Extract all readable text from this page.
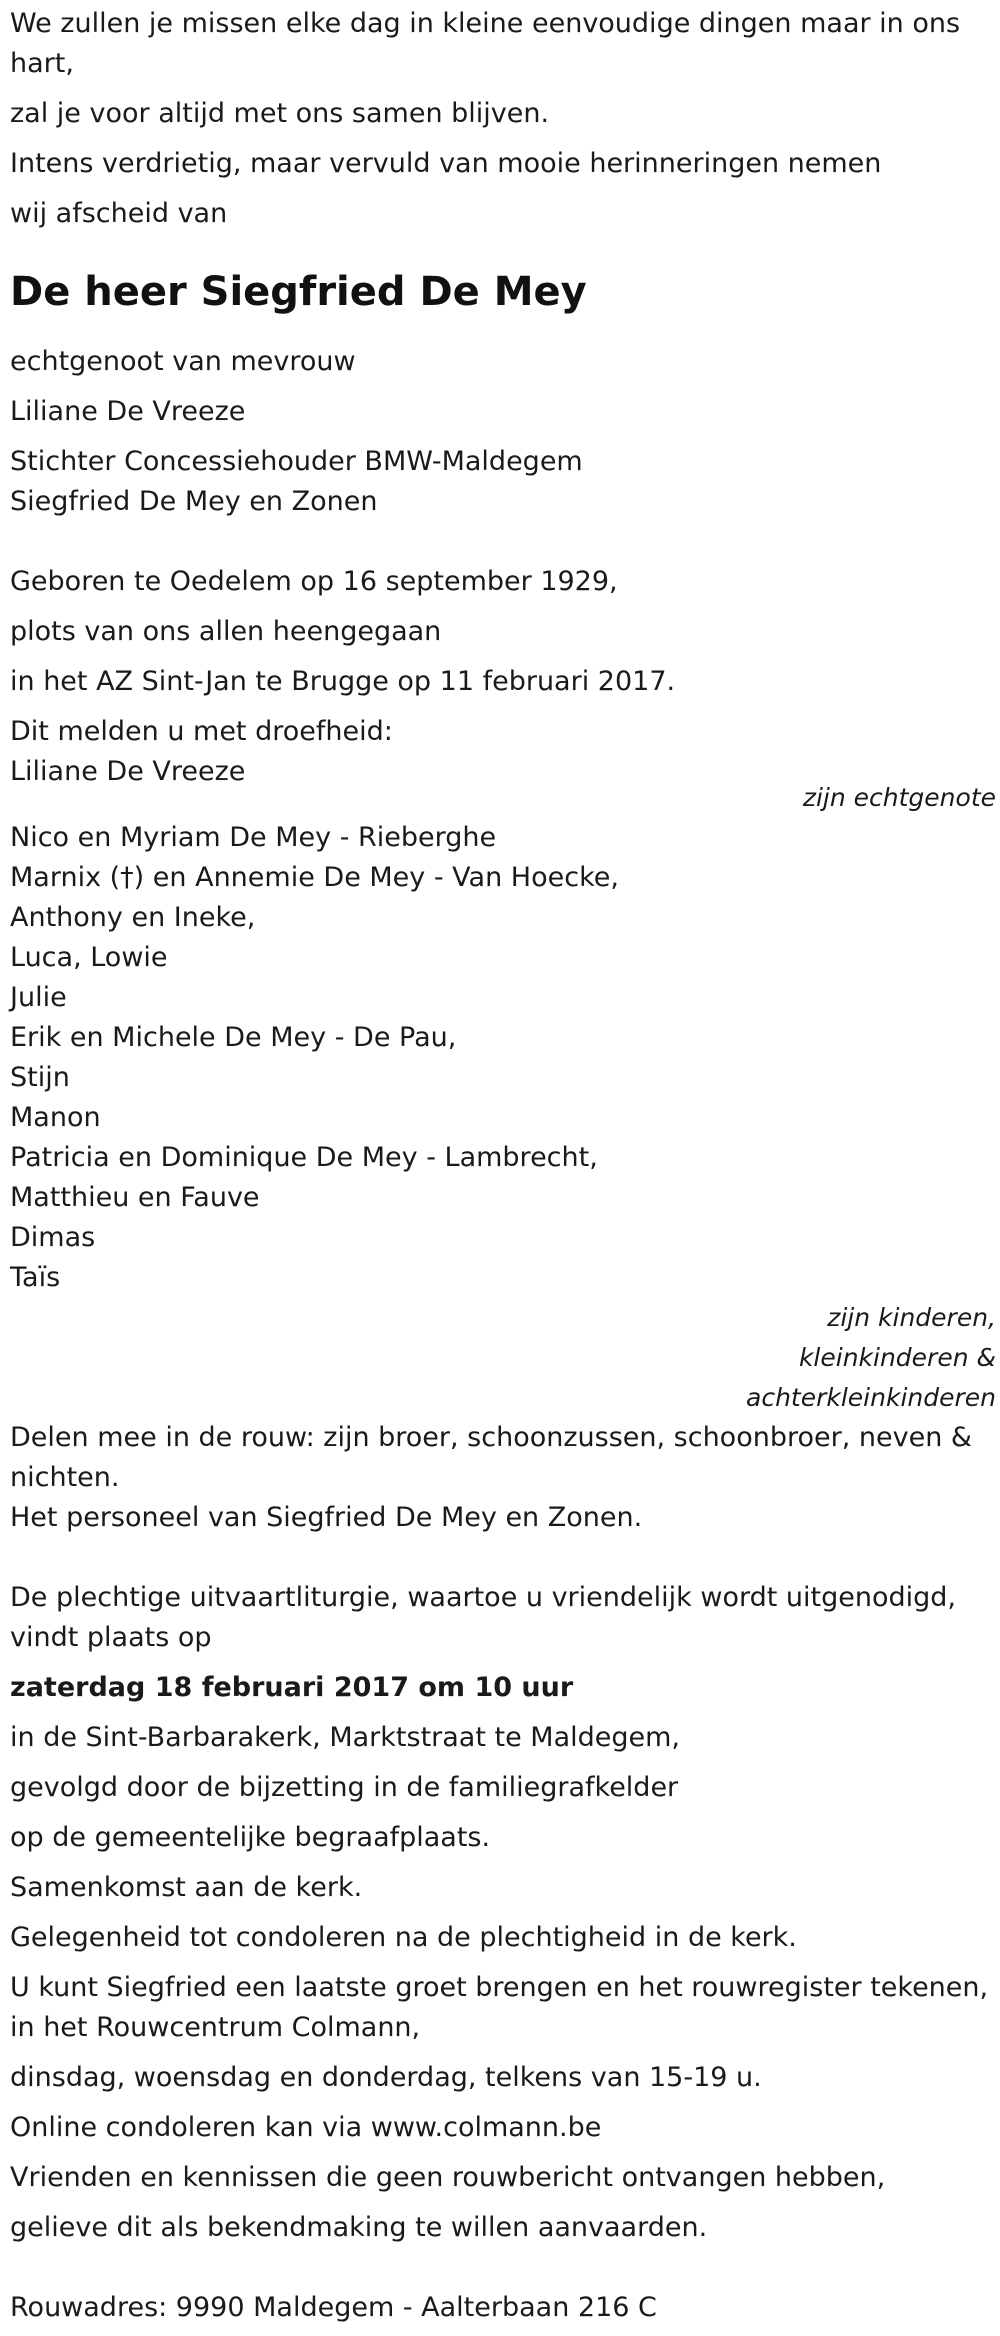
We zullen je missen elke dag in kleine eenvoudige dingen maar in ons hart,

zal je voor altijd met ons samen blijven.

Intens verdrietig, maar vervuld van mooie herinneringen nemen

wij afscheid van

De heer Siegfried De Mey

echtgenoot van mevrouw

Liliane De Vreeze

Stichter Concessiehouder BMW-Maldegem

Siegfried De Mey en Zonen

Geboren te Oedelem op 16 september 1929,

plots van ons allen heengegaan

in het AZ Sint-Jan te Brugge op 11 februari 2017.

Dit melden u met droefheid:

Liliane De Vreeze

zijn echtgenote

Nico en Myriam De Mey - Rieberghe

Marnix (†) en Annemie De Mey - Van Hoecke,

Anthony en Ineke,

Luca, Lowie

Julie

Erik en Michele De Mey - De Pau,

Stijn

Manon

Patricia en Dominique De Mey - Lambrecht,

Matthieu en Fauve

Dimas

Taïs

zijn kinderen,
kleinkinderen &
achterkleinkinderen

Delen mee in de rouw: zijn broer, schoonzussen, schoonbroer, neven & nichten.

Het personeel van Siegfried De Mey en Zonen.

De plechtige uitvaartliturgie, waartoe u vriendelijk wordt uitgenodigd, vindt plaats op

zaterdag 18 februari 2017 om 10 uur

in de Sint-Barbarakerk, Marktstraat te Maldegem,

gevolgd door de bijzetting in de familiegrafkelder

op de gemeentelijke begraafplaats.

Samenkomst aan de kerk.

Gelegenheid tot condoleren na de plechtigheid in de kerk.

U kunt Siegfried een laatste groet brengen en het rouwregister tekenen, in het Rouwcentrum Colmann,

dinsdag, woensdag en donderdag, telkens van 15-19 u.

Online condoleren kan via www.colmann.be

Vrienden en kennissen die geen rouwbericht ontvangen hebben,

gelieve dit als bekendmaking te willen aanvaarden.

Rouwadres: 9990 Maldegem - Aalterbaan 216 C
